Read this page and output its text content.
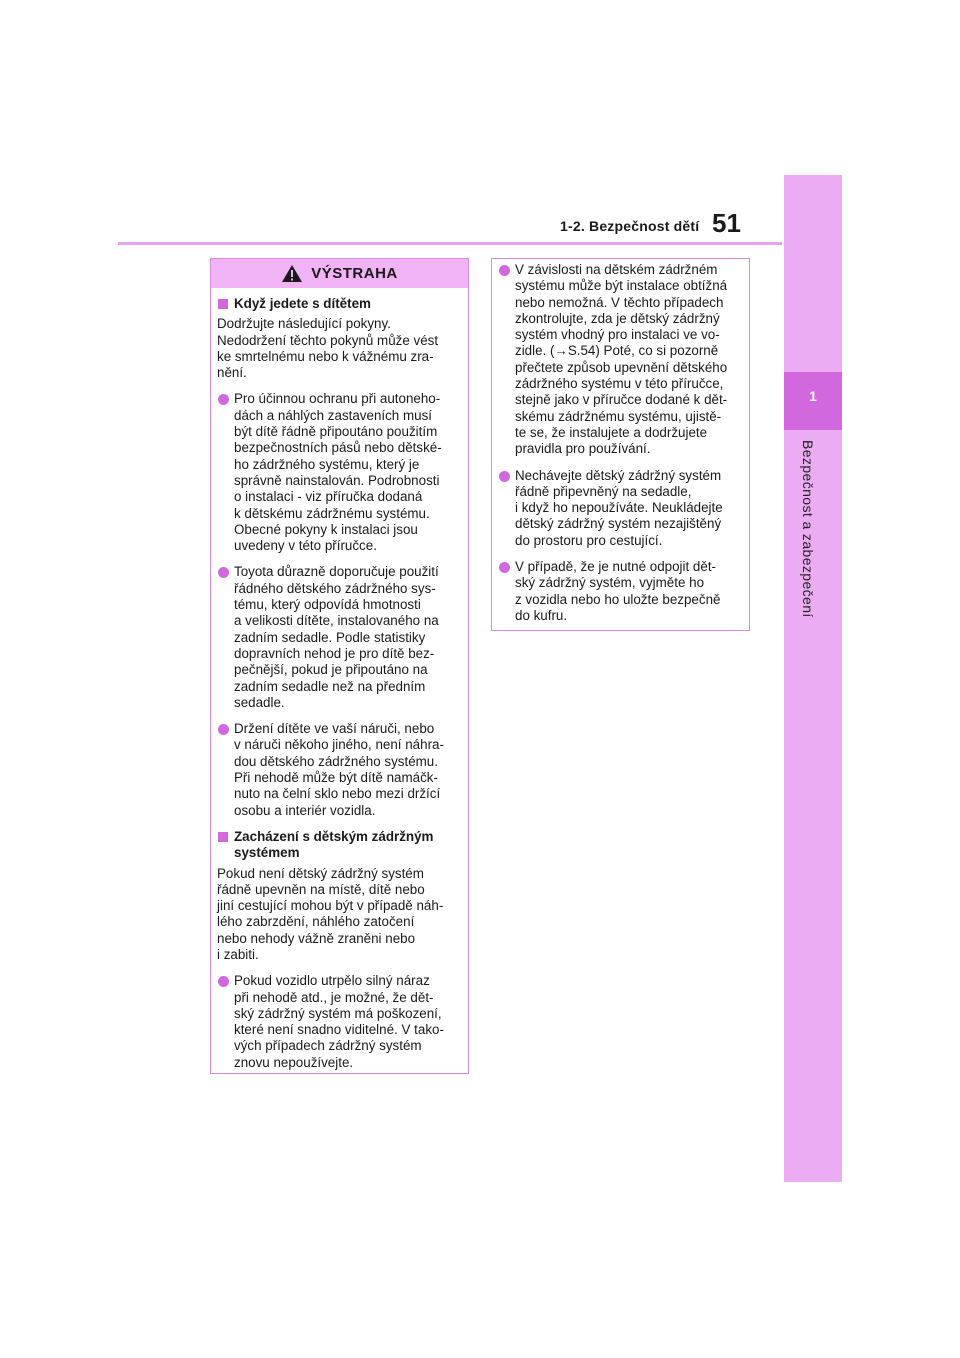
1-2. Bezpečnost dětí 51
1
Bezpečnost a zabezpečení
VÝSTRAHA
Když jedete s dítětem
Dodržujte následující pokyny.
Nedodržení těchto pokynů může vést
ke smrtelnému nebo k vážnému zra-
nění.
Pro účinnou ochranu při autoneho-
dách a náhlých zastaveních musí
být dítě řádně připoutáno použitím
bezpečnostních pásů nebo dětské-
ho zádržného systému, který je
správně nainstalován. Podrobnosti
o instalaci - viz příručka dodaná
k dětskému zádržnému systému.
Obecné pokyny k instalaci jsou
uvedeny v této příručce.
Toyota důrazně doporučuje použití
řádného dětského zádržného sys-
tému, který odpovídá hmotnosti
a velikosti dítěte, instalovaného na
zadním sedadle. Podle statistiky
dopravních nehod je pro dítě bez-
pečnější, pokud je připoutáno na
zadním sedadle než na předním
sedadle.
Držení dítěte ve vaší náruči, nebo
v náruči někoho jiného, není náhra-
dou dětského zádržného systému.
Při nehodě může být dítě namáčk-
nuto na čelní sklo nebo mezi držící
osobu a interiér vozidla.
Zacházení s dětským zádržným
systémem
Pokud není dětský zádržný systém
řádně upevněn na místě, dítě nebo
jiní cestující mohou být v případě náh-
lého zabrzdění, náhlého zatočení
nebo nehody vážně zraněni nebo
i zabiti.
Pokud vozidlo utrpělo silný náraz
při nehodě atd., je možné, že dět-
ský zádržný systém má poškození,
které není snadno viditelné. V tako-
vých případech zádržný systém
znovu nepoužívejte.
V závislosti na dětském zádržném
systému může být instalace obtížná
nebo nemožná. V těchto případech
zkontrolujte, zda je dětský zádržný
systém vhodný pro instalaci ve vo-
zidle. (→S.54) Poté, co si pozorně
přečtete způsob upevnění dětského
zádržného systému v této příručce,
stejně jako v příručce dodané k dět-
skému zádržnému systému, ujistě-
te se, že instalujete a dodržujete
pravidla pro používání.
Nechávejte dětský zádržný systém
řádně připevněný na sedadle,
i když ho nepoužíváte. Neukládejte
dětský zádržný systém nezajištěný
do prostoru pro cestující.
V případě, že je nutné odpojit dět-
ský zádržný systém, vyjměte ho
z vozidla nebo ho uložte bezpečně
do kufru.
